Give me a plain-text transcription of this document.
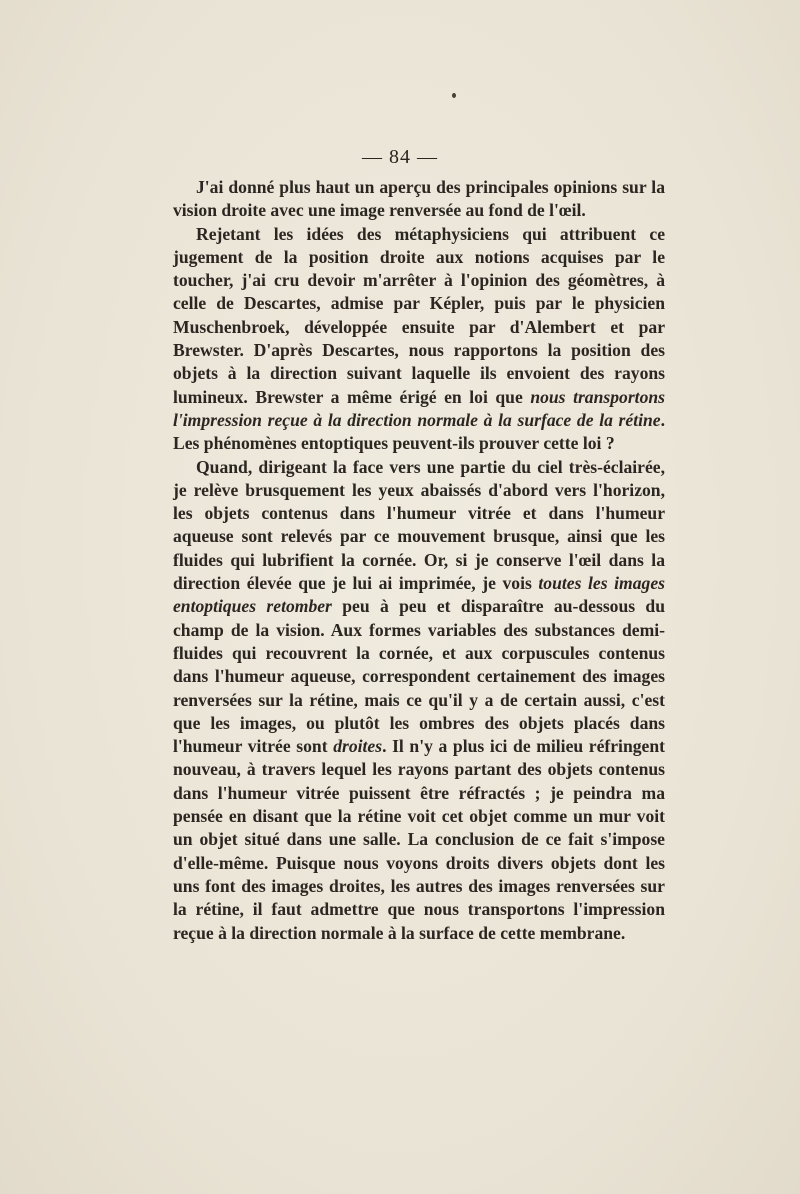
— 84 —

J'ai donné plus haut un aperçu des principales opinions sur la vision droite avec une image renversée au fond de l'œil.

Rejetant les idées des métaphysiciens qui attribuent ce jugement de la position droite aux notions acquises par le toucher, j'ai cru devoir m'arrêter à l'opinion des géomètres, à celle de Descartes, admise par Képler, puis par le physicien Muschenbroek, développée ensuite par d'Alembert et par Brewster. D'après Descartes, nous rapportons la position des objets à la direction suivant laquelle ils envoient des rayons lumineux. Brewster a même érigé en loi que nous transportons l'impression reçue à la direction normale à la surface de la rétine. Les phénomènes entoptiques peuvent-ils prouver cette loi ?

Quand, dirigeant la face vers une partie du ciel très-éclairée, je relève brusquement les yeux abaissés d'abord vers l'horizon, les objets contenus dans l'humeur vitrée et dans l'humeur aqueuse sont relevés par ce mouvement brusque, ainsi que les fluides qui lubrifient la cornée. Or, si je conserve l'œil dans la direction élevée que je lui ai imprimée, je vois toutes les images entoptiques retomber peu à peu et disparaître au-dessous du champ de la vision. Aux formes variables des substances demi-fluides qui recouvrent la cornée, et aux corpuscules contenus dans l'humeur aqueuse, correspondent certainement des images renversées sur la rétine, mais ce qu'il y a de certain aussi, c'est que les images, ou plutôt les ombres des objets placés dans l'humeur vitrée sont droites. Il n'y a plus ici de milieu réfringent nouveau, à travers lequel les rayons partant des objets contenus dans l'humeur vitrée puissent être réfractés ; je peindra ma pensée en disant que la rétine voit cet objet comme un mur voit un objet situé dans une salle. La conclusion de ce fait s'impose d'elle-même. Puisque nous voyons droits divers objets dont les uns font des images droites, les autres des images renversées sur la rétine, il faut admettre que nous transportons l'impression reçue à la direction normale à la surface de cette membrane.
